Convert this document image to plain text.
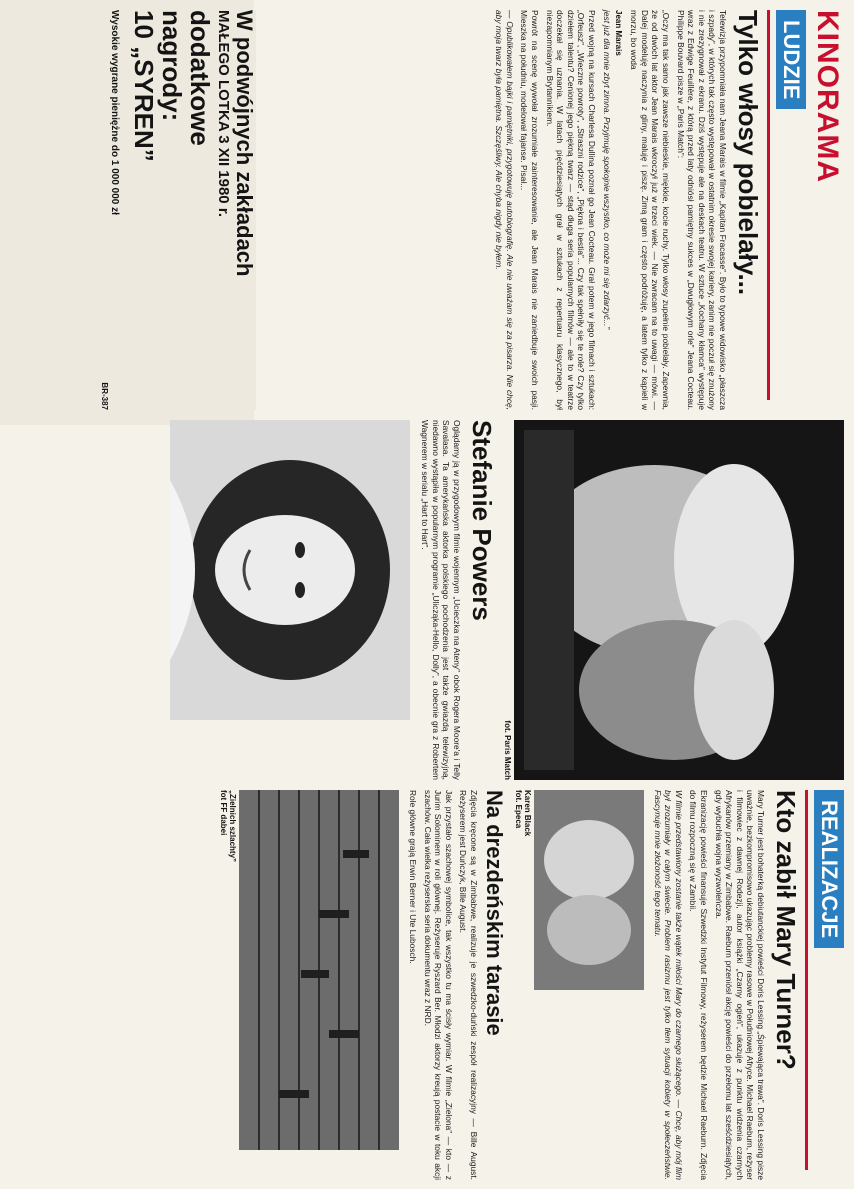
KINORAMA
LUDZIE
Tylko włosy pobielały...
Telewizja przypomniała nam Jeana Marais w filmie „Kapitan Fracasse”. Było to typowe widowisko „płaszcza i szpady”, w których tak często występował w ostatnim okresie swojej kariery, zanim nie poczuł się znużony i nie zrezygnował z ekranu. Dziś występuje ale na deskach teatru. W sztuce „Kochany kłamca” występuje wraz z Edwige Feuillère, z którą przed laty odniósł pamiętny sukces w „Dwugłowym orle” Jeana Cocteau. Philippe Bouvard pisze w „Paris Match”:
„Oczy ma tak samo jak zawsze niebieskie, miękkie, kocie ruchy. Tylko włosy zupełnie pobielały. Zapewnia, że od dwóch lat aktor Jean Marais wkroczył już w trzeci wiek. — Nie zwracam na to uwagi — mówi. — Dalej modeluję naczynia z gliny, maluję i piszę. Zimą gram i często podróżuję, a latem tylko z kąpieli w morzu, bo woda
Jean Marais
jest już dla mnie zbyt zimna. Przyjmuję spokojnie wszystko, co może mi się zdarzyć...”
Przed wojną na kursach Charlesa Dullina poznał go Jean Cocteau. Grał potem w jego filmach i sztukach: „Orfeusz”, „Wieczne powroty”, „Straszni rodzice”, „Piękna i bestia”... Czy tak spełniły się te role? Czy tylko dziełem talentu? Cenionej jego piękną twarz — stąd długa seria popularnych filmów — ale to w teatrze doczekał się uznania. W latach pięćdziesiątych grał w sztukach z repertuaru klasycznego, był niezapomnianym Brytannikiem.
Powrót na scenę wywołał zrozumiałe zainteresowanie, ale Jean Marais nie zaniedbuje swoich pasji. Mieszka na południu, modelował fajanse. Pisał...
— Opublikowałem bajki i pamiętniki, przygotowuję autobiografię. Ale nie uważam się za pisarza. Nie chcę, aby moja twarz była pamiętna. Szczęśliwy. Ale chyba nigdy nie byłem.
fot. Paris Match
Stefanie Powers
Oglądamy ją w przygodowym filmie wojennym „Ucieczka na Ateny” obok Rogera Moore'a i Telly Savalasa. Ta amerykańska aktorka polskiego pochodzenia jest także gwiazdą telewizyjną, niedawno wystąpiła w popularnym programie „Ulicząka-Hello, Dolly”, a obecnie gra z Robertem Wagnerem w serialu „Hart to Hart”.
REALIZACJE
Kto zabił Mary Turner?
Mary Turner jest bohaterką debiutanckiej powieści Doris Lessing „Śpiewająca trawa”. Doris Lessing pisze uważnie, bezkompromisowo ukazując problemy rasowe w Południowej Afryce. Michael Raeburn, reżyser i filmowiec z dawnej Rodezji, autor książki „Czarny ogień”, ukazuje z punktu widzenia czarnych Afrykanów przemiany w Zimbabwe. Raeburn przeniósł akcję powieści do przełomu lat sześćdziesiątych, gdy wybuchła wojna wyzwoleńcza.
Ekranizację powieści finansuje Szwedzki Instytut Filmowy, reżyserem będzie Michael Raeburn. Zdjęcia do filmu rozpoczną się w Zambii.
W filmie przedstawiony zostanie także wątek miłości Mary do czarnego służącego. — Chcę, aby mój film był zrozumiały w całym świecie. Problem rasizmu jest tylko tłem sytuacji kobiety w społeczeństwie. Fascynuje mnie złożoność tego tematu.
Karen Black
fot. Epeca
Na drezdeńskim tarasie
Zdjęcia kręcone są w Zimbabwe, realizuje je szwedzko-duński zespół realizacyjny — Bille August. Reżyserem jest Duńczyk, Bille August.
Jak przystało szachowej symbolice, tak wszystko tu ma ścisły wymiar. W filmie „Zielona” — kto — z Jurim Solominem w roli głównej. Reżyseruje Ryszard Ber. Młodzi aktorzy kreują postacie w toku akcji szachów. Cała wielka reżyserska seria dokumentu wraz z NRD.
Role główne grają Erwin Berner i Ute Lubosch.
„Zielnich szlachty”
fot FF dabei
W podwójnych zakładach
MAŁEGO LOTKA 3 XII 1980 r.
dodatkowe
nagrody:
10 „SYREN”
Wysokie wygrane pieniężne do 1 000 000 zł
BR-387
